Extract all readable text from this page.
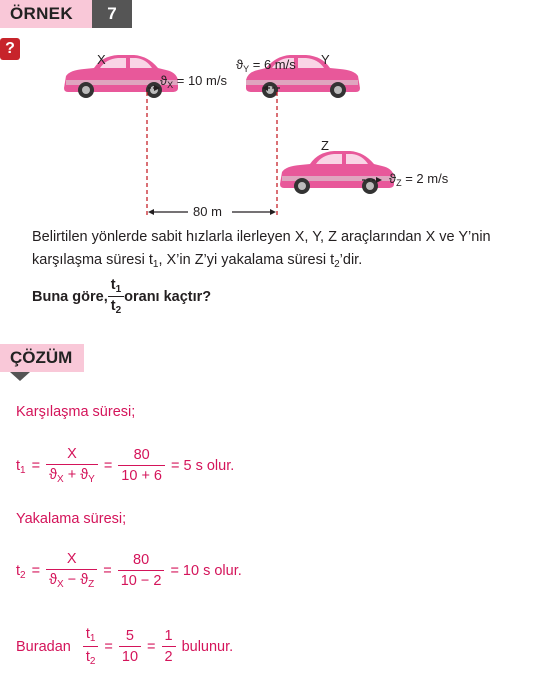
ÖRNEK	7
?
X	Y
Z
$ϑ_X = 10$ m/s
$ϑ_Y = 6$ m/s
$ϑ_Z = 2$ m/s
80 m
Belirtilen yönlerde sabit hızlarla ilerleyen X, Y, Z araçlarından X ve Y’nin
karşılaşma süresi $t_1$, X’in Z’yi yakalama süresi $t_2’dir$.
Buna göre, $\frac{t_1}{t_2}$ oranı kaçtır?
ÇÖZÜM
Karşılaşma süresi;
$t_1 = \frac{X}{ϑ_X + ϑ_Y} = \frac{80}{10 + 6} = 5$ s olur.
Yakalama süresi;
$t_2 = \frac{X}{ϑ_X - ϑ_Z} = \frac{80}{10 - 2} = 10$ s olur.
Buradan $\frac{t_1}{t_2} = \frac{5}{10} = \frac{1}{2}$ bulunur.
